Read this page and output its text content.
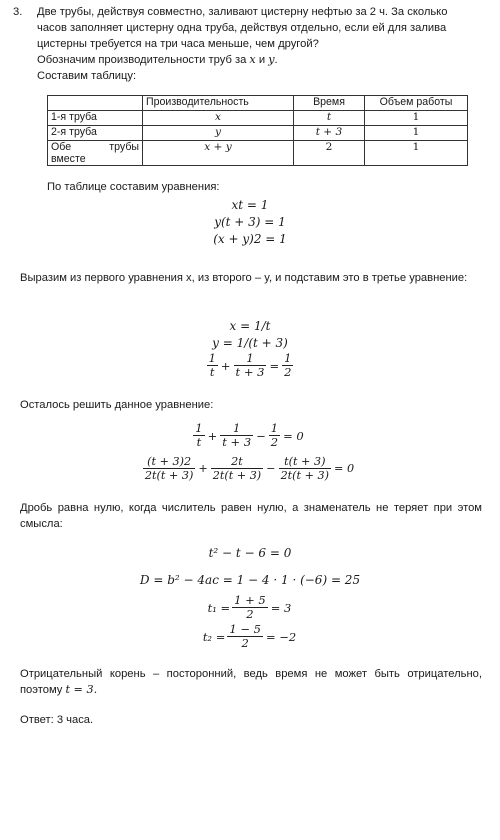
3. Две трубы, действуя совместно, заливают цистерну нефтью за 2 ч. За сколько часов заполняет цистерну одна труба, действуя отдельно, если ей для залива цистерны требуется на три часа меньше, чем другой?
Обозначим производительности труб за x и y.
Составим таблицу:
	Производительность	Время	Объем работы
1-я труба	x	t	1
2-я труба	y	t + 3	1

Обе трубы
вместе	x + y	2	1
По таблице составим уравнения:
xt = 1
y(t + 3) = 1
(x + y)2 = 1
Выразим из первого уравнения x, из второго – y, и подставим это в третье уравнение:
x = 1/t
y = 1/(t + 3)
$\frac{1}{t} + \frac{1}{t + 3} = \frac{1}{2}$
Осталось решить данное уравнение:
$\frac{1}{t} + \frac{1}{t + 3} - \frac{1}{2} = 0$
$\frac{(t + 3)2}{2t(t + 3)} + \frac{2t}{2t(t + 3)} - \frac{t(t + 3)}{2t(t + 3)} = 0$
Дробь равна нулю, когда числитель равен нулю, а знаменатель не теряет при этом смысла:
t² − t − 6 = 0
D = b² − 4ac = 1 − 4 · 1 · (−6) = 25
$t_1 = \frac{1 + 5}{2} = 3$
$t_2 = \frac{1 - 5}{2} = -2$
Отрицательный корень – посторонний, ведь время не может быть отрицательно, поэтому t = 3.
Ответ: 3 часа.
